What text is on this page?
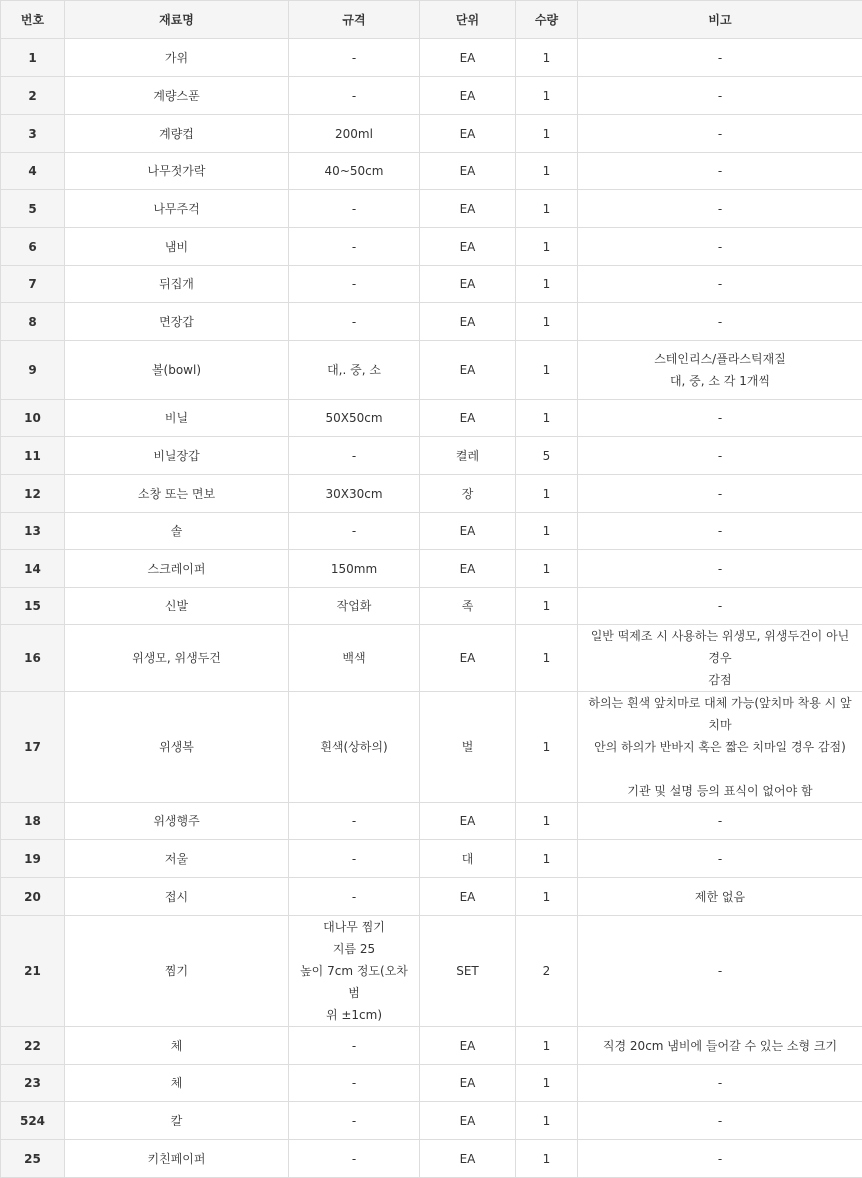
번호	재료명	규격	단위	수량	비고
1	가위	-	EA	1	-

2	계량스푼	-	EA	1	-

3	계량컵	200ml	EA	1	-

4	나무젓가락	40~50cm	EA	1	-

5	나무주걱	-	EA	1	-

6	냄비	-	EA	1	-

7	뒤집개	-	EA	1	-

8	면장갑	-	EA	1	-

9	볼(bowl)	대,. 중, 소	EA	1	스테인리스/플라스틱재질
대, 중, 소 각 1개씩

10	비닐	50X50cm	EA	1	-

11	비닐장갑	-	켤레	5	-

12	소창 또는 면보	30X30cm	장	1	-

13	솔	-	EA	1	-

14	스크레이퍼	150mm	EA	1	-

15	신발	작업화	족	1	-

16	위생모, 위생두건	백색	EA	1	일반 떡제조 시 사용하는 위생모, 위생두건이 아닌 경우
감점

17	위생복	흰색(상하의)	벌	1	하의는 흰색 앞치마로 대체 가능(앞치마 착용 시 앞치마
안의 하의가 반바지 혹은 짧은 치마일 경우 감점)

기관 및 설명 등의 표식이 없어야 함

18	위생행주	-	EA	1	-

19	저울	-	대	1	-

20	접시	-	EA	1	제한 없음

21	찜기	대나무 찜기
지름 25
높이 7cm 정도(오차범
위 ±1cm)	SET	2	-

22	체	-	EA	1	직경 20cm 냄비에 들어갈 수 있는 소형 크기

23	체	-	EA	1	-

524	칼	-	EA	1	-

25	키친페이퍼	-	EA	1	-
